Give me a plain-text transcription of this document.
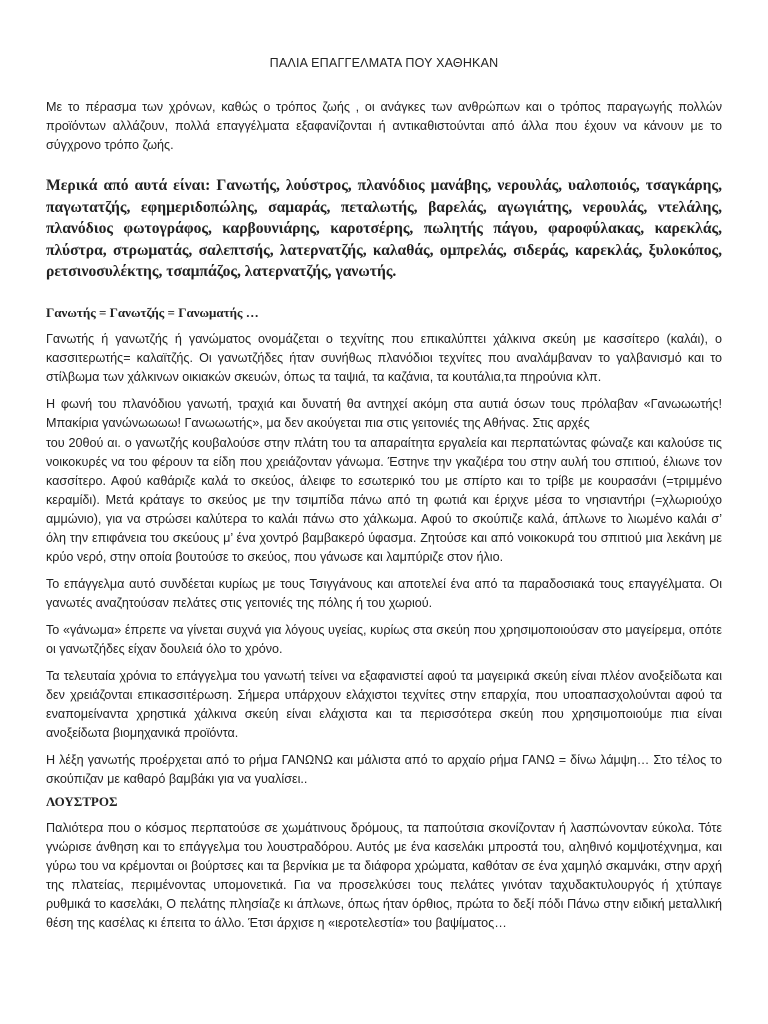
ΠΑΛΙΑ ΕΠΑΓΓΕΛΜΑΤΑ ΠΟΥ ΧΑΘΗΚΑΝ

Με το πέρασμα των χρόνων, καθώς ο τρόπος ζωής , οι ανάγκες των ανθρώπων και ο τρόπος παραγωγής πολλών προϊόντων αλλάζουν, πολλά επαγγέλματα εξαφανίζονται ή αντικαθιστούνται από άλλα που έχουν να κάνουν με το σύγχρονο τρόπο ζωής.

Μερικά από αυτά είναι: Γανωτής, λούστρος, πλανόδιος μανάβης, νερουλάς, υαλοποιός, τσαγκάρης, παγωτατζής, εφημεριδοπώλης, σαμαράς, πεταλωτής, βαρελάς, αγωγιάτης, νερουλάς, ντελάλης, πλανόδιος φωτογράφος, καρβουνιάρης, καροτσέρης, πωλητής πάγου, φαροφύλακας, καρεκλάς, πλύστρα, στρωματάς, σαλεπτσής, λατερνατζής, καλαθάς, ομπρελάς, σιδεράς, καρεκλάς, ξυλοκόπος, ρετσινοσυλέκτης, τσαμπάζος, λατερνατζής, γανωτής.

Γανωτής = Γανωτζής = Γανωματής …

Γανωτής ή γανωτζής ή γανώματος ονομάζεται ο τεχνίτης που επικαλύπτει χάλκινα σκεύη με κασσίτερο (καλάι), ο κασσιτερωτής= καλαϊτζής. Οι γανωτζήδες ήταν συνήθως πλανόδιοι τεχνίτες που αναλάμβαναν το γαλβανισμό και το στίλβωμα των χάλκινων οικιακών σκευών, όπως τα ταψιά, τα καζάνια, τα κουτάλια,τα πηρούνια κλπ.

Η φωνή του πλανόδιου γανωτή, τραχιά και δυνατή θα αντηχεί ακόμη στα αυτιά όσων τους πρόλαβαν «Γανωωωτής! Μπακίρια γανώνωωωω! Γανωωωτής», μα δεν ακούγεται πια στις γειτονιές της Αθήνας. Στις αρχές

του 20θού αι. ο γανωτζής κουβαλούσε στην πλάτη του τα απαραίτητα εργαλεία και περπατώντας φώναζε και καλούσε τις νοικοκυρές να του φέρουν τα είδη που χρειάζονταν γάνωμα. Έστηνε την γκαζιέρα του στην αυλή του σπιτιού, έλιωνε τον κασσίτερο. Αφού καθάριζε καλά το σκεύος, άλειφε το εσωτερικό του με σπίρτο και το τρίβε με κουρασάνι (=τριμμένο κεραμίδι). Μετά κράταγε το σκεύος με την τσιμπίδα πάνω από τη φωτιά και έριχνε μέσα το νησιαντήρι (=χλωριούχο αμμώνιο), για να στρώσει καλύτερα το καλάι πάνω στο χάλκωμα. Αφού το σκούπιζε καλά, άπλωνε το λιωμένο καλάι σ’ όλη την επιφάνεια του σκεύους μ’ ένα χοντρό βαμβακερό ύφασμα. Ζητούσε και από νοικοκυρά του σπιτιού μια λεκάνη με κρύο νερό, στην οποία βουτούσε το σκεύος, που γάνωσε και λαμπύριζε στον ήλιο.

Το επάγγελμα αυτό συνδέεται κυρίως με τους Τσιγγάνους και αποτελεί ένα από τα παραδοσιακά τους επαγγέλματα. Οι γανωτές αναζητούσαν πελάτες στις γειτονιές της πόλης ή του χωριού.

Το «γάνωμα» έπρεπε να γίνεται συχνά για λόγους υγείας, κυρίως στα σκεύη που χρησιμοποιούσαν στο μαγείρεμα, οπότε οι γανωτζήδες είχαν δουλειά όλο το χρόνο.

Τα τελευταία χρόνια το επάγγελμα του γανωτή τείνει να εξαφανιστεί αφού τα μαγειρικά σκεύη είναι πλέον ανοξείδωτα και δεν χρειάζονται επικασσιτέρωση. Σήμερα υπάρχουν ελάχιστοι τεχνίτες στην επαρχία, που υποαπασχολούνται αφού τα εναπομείναντα χρηστικά χάλκινα σκεύη είναι ελάχιστα και τα περισσότερα σκεύη που χρησιμοποιούμε πια είναι ανοξείδωτα βιομηχανικά προϊόντα.

Η λέξη γανωτής προέρχεται από το ρήμα ΓΑΝΩΝΩ και μάλιστα από το αρχαίο ρήμα ΓΑΝΩ = δίνω λάμψη… Στο τέλος το σκούπιζαν με καθαρό βαμβάκι για να γυαλίσει..

ΛΟΥΣΤΡΟΣ

Παλιότερα που ο κόσμος περπατούσε σε χωμάτινους δρόμους, τα παπούτσια σκονίζονταν ή λασπώνονταν εύκολα. Τότε γνώρισε άνθηση και το επάγγελμα του λουστραδόρου. Αυτός με ένα κασελάκι μπροστά του, αληθινό κομψοτέχνημα, και γύρω του να κρέμονται οι βούρτσες και τα βερνίκια με τα διάφορα χρώματα, καθόταν σε ένα χαμηλό σκαμνάκι, στην αρχή της πλατείας, περιμένοντας υπομονετικά. Για να προσελκύσει τους πελάτες γινόταν ταχυδακτυλουργός ή χτύπαγε ρυθμικά το κασελάκι, Ο πελάτης πλησίαζε κι άπλωνε, όπως ήταν όρθιος, πρώτα το δεξί πόδι Πάνω στην ειδική μεταλλική θέση της κασέλας κι έπειτα το άλλο. Έτσι άρχισε η «ιεροτελεστία» του βαψίματος…
